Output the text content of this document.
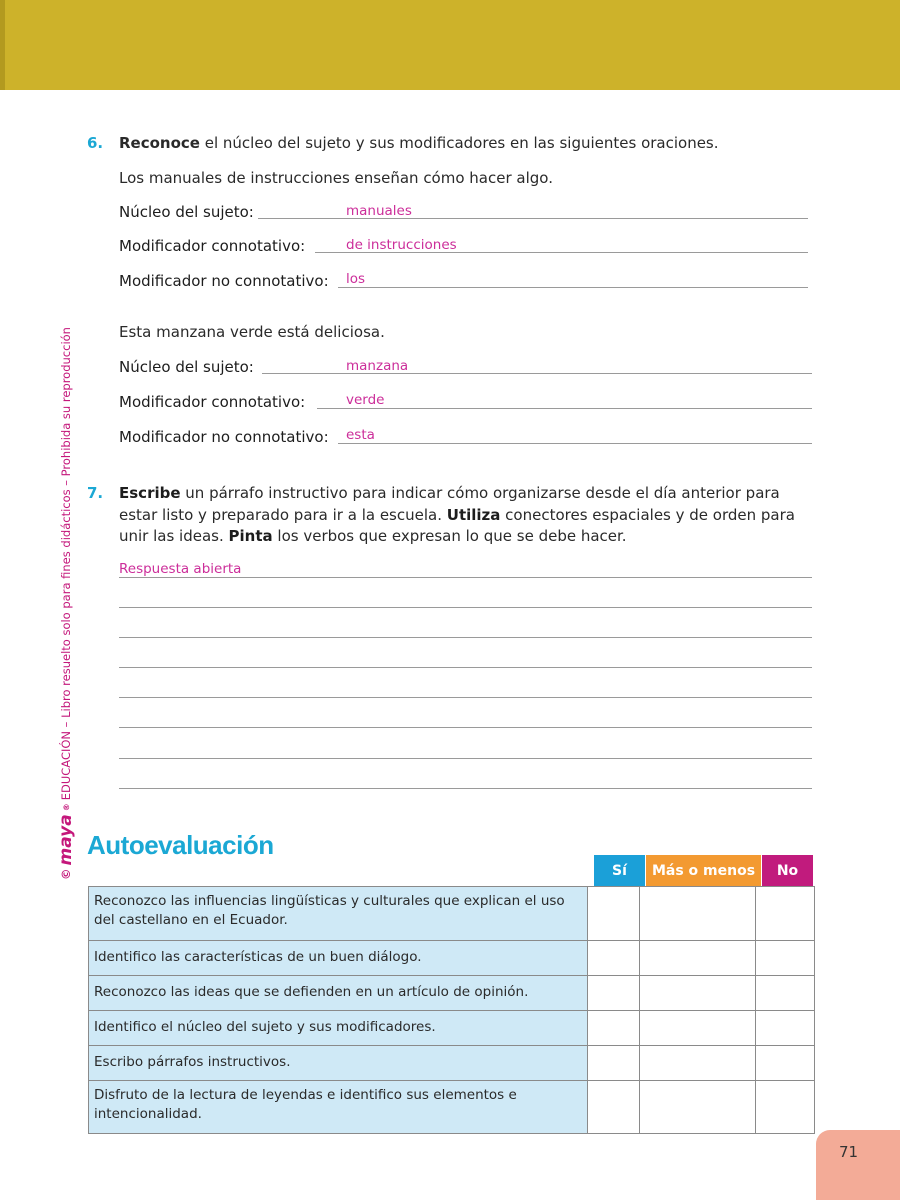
©
maya
®
EDUCACIÓN – Libro resuelto solo para fines didácticos – Prohibida su reproducción
6. Reconoce el núcleo del sujeto y sus modificadores en las siguientes oraciones.
Los manuales de instrucciones enseñan cómo hacer algo.
Núcleo del sujeto:	manuales
Modificador connotativo:	de instrucciones
Modificador no connotativo: los
Esta manzana verde está deliciosa.
Núcleo del sujeto:	manzana
Modificador connotativo:	verde
Modificador no connotativo: esta
7. Escribe un párrafo instructivo para indicar cómo organizarse desde el día anterior para estar listo y preparado para ir a la escuela. Utiliza conectores espaciales y de orden para unir las ideas. Pinta los verbos que expresan lo que se debe hacer.
Respuesta abierta
Autoevaluación
Sí	Más o menos	No
Reconozco las influencias lingüísticas y culturales que explican el uso del castellano en el Ecuador.
Identifico las características de un buen diálogo.
Reconozco las ideas que se defienden en un artículo de opinión.
Identifico el núcleo del sujeto y sus modificadores.
Escribo párrafos instructivos.
Disfruto de la lectura de leyendas e identifico sus elementos e intencionalidad.
71
